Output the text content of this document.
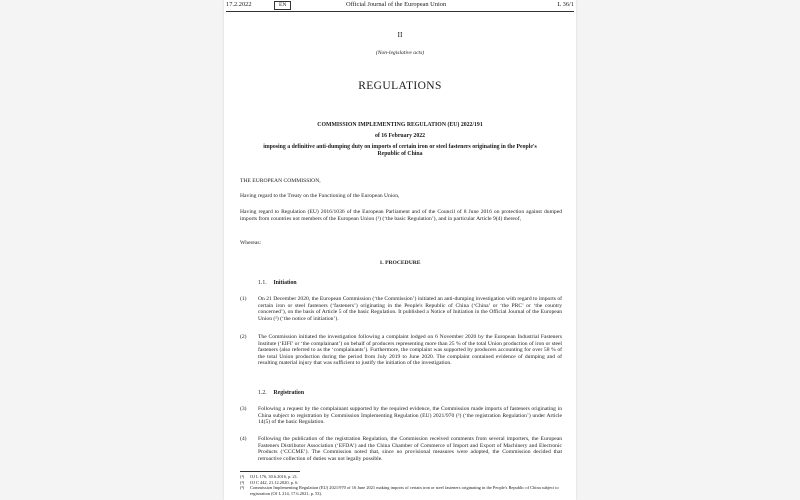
17.2.2022	EN	Official Journal of the European Union	L 36/1
II
(Non-legislative acts)
REGULATIONS
COMMISSION IMPLEMENTING REGULATION (EU) 2022/191
of 16 February 2022
imposing a definitive anti-dumping duty on imports of certain iron or steel fasteners originating in the People's Republic of China
THE EUROPEAN COMMISSION,
Having regard to the Treaty on the Functioning of the European Union,
Having regard to Regulation (EU) 2016/1036 of the European Parliament and of the Council of 8 June 2016 on protection against dumped imports from countries not members of the European Union (¹) (‘the basic Regulation’), and in particular Article 9(4) thereof,
Whereas:
1. PROCEDURE
1.1. Initiation
(1) On 21 December 2020, the European Commission (‘the Commission’) initiated an anti-dumping investigation with regard to imports of certain iron or steel fasteners (‘fasteners’) originating in the People's Republic of China (‘China’ or ‘the PRC’ or ‘the country concerned’), on the basis of Article 5 of the basic Regulation. It published a Notice of Initiation in the Official Journal of the European Union (²) (‘the notice of initiation’).
(2) The Commission initiated the investigation following a complaint lodged on 6 November 2020 by the European Industrial Fasteners Institute (‘EIFI’ or ‘the complainant’) on behalf of producers representing more than 25 % of the total Union production of iron or steel fasteners (also referred to as the ‘complainants’). Furthermore, the complaint was supported by producers accounting for over 58 % of the total Union production during the period from July 2019 to June 2020. The complaint contained evidence of dumping and of resulting material injury that was sufficient to justify the initiation of the investigation.
1.2. Registration
(3) Following a request by the complainant supported by the required evidence, the Commission made imports of fasteners originating in China subject to registration by Commission Implementing Regulation (EU) 2021/970 (³) (‘the registration Regulation’) under Article 14(5) of the basic Regulation.
(4) Following the publication of the registration Regulation, the Commission received comments from several importers, the European Fasteners Distributor Association (‘EFDA’) and the China Chamber of Commerce of Import and Export of Machinery and Electronic Products (‘CCCME’). The Commission noted that, since no provisional measures were adopted, the Commission decided that retroactive collection of duties was not legally possible.
(¹) OJ L 176, 30.6.2016, p. 21.
(²) OJ C 442, 21.12.2020, p. 6.
(³) Commission Implementing Regulation (EU) 2021/970 of 16 June 2021 making imports of certain iron or steel fasteners originating in the People's Republic of China subject to registration (OJ L 214, 17.6.2021, p. 53).
